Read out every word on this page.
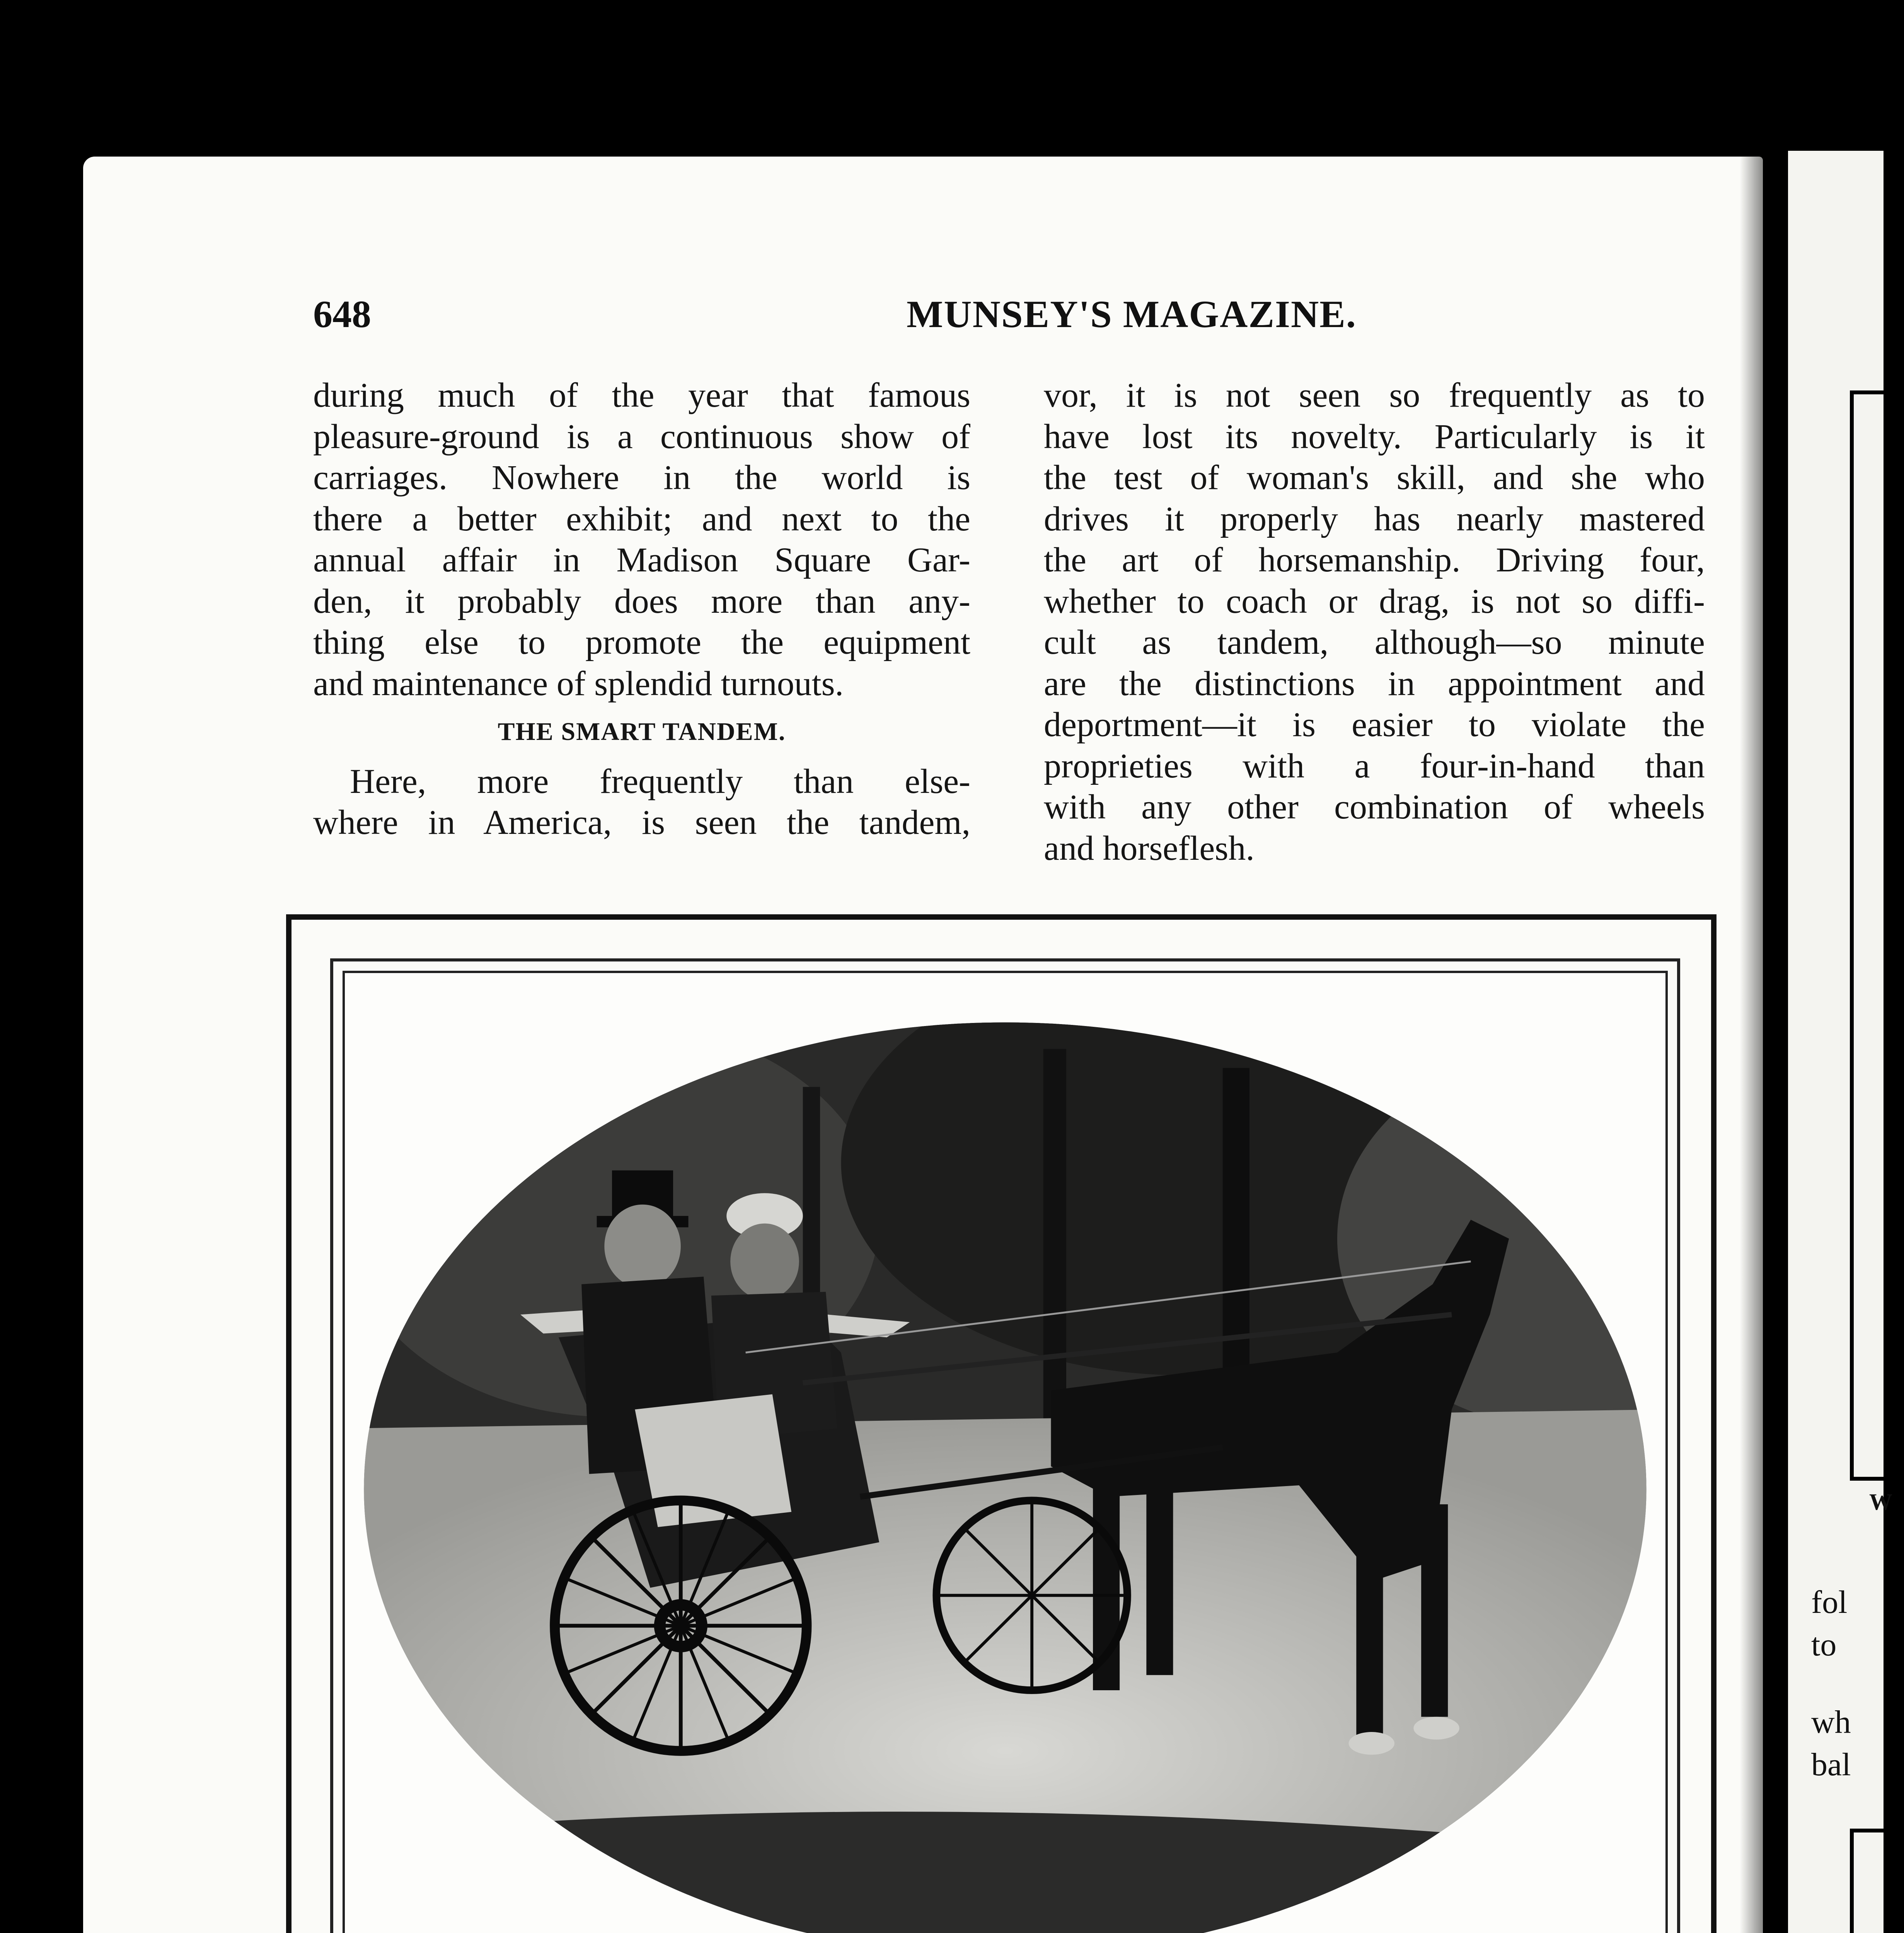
W
fol
to
wh
bal
648	MUNSEY'S MAGAZINE.

during much of the year that famous

pleasure-ground is a continuous show of

carriages. Nowhere in the world is

there a better exhibit; and next to the

annual affair in Madison Square Gar-

den, it probably does more than any-

thing else to promote the equipment

and maintenance of splendid turnouts.

THE SMART TANDEM.

Here, more frequently than else-

where in America, is seen the tandem,

vor, it is not seen so frequently as to

have lost its novelty. Particularly is it

the test of woman's skill, and she who

drives it properly has nearly mastered

the art of horsemanship. Driving four,

whether to coach or drag, is not so diffi-

cult as tandem, although—so minute

are the distinctions in appointment and

deportment—it is easier to violate the

proprieties with a four-in-hand than

with any other combination of wheels

and horseflesh.
